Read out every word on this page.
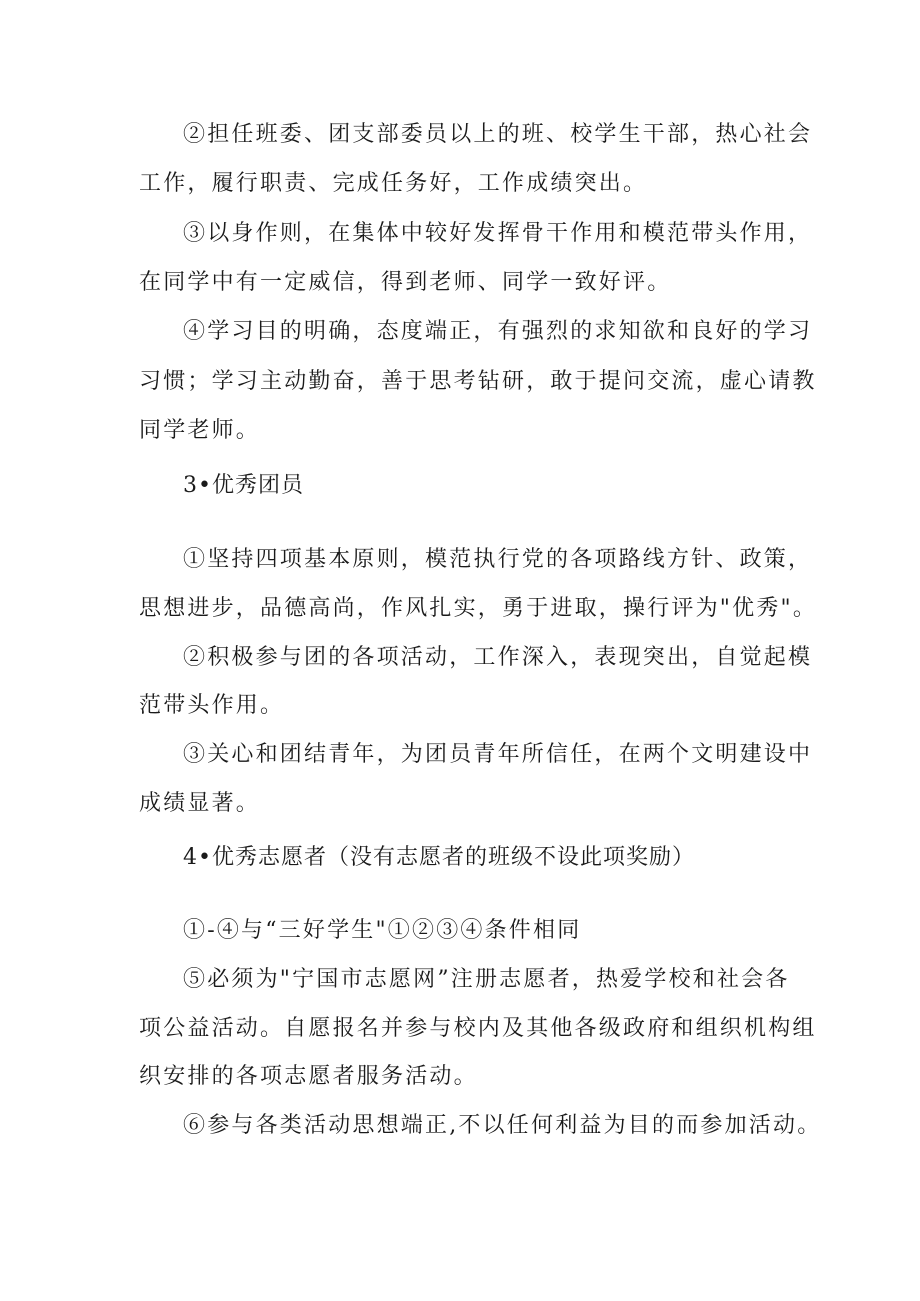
②担任班委、团支部委员以上的班、校学生干部，热心社会
工作，履行职责、完成任务好，工作成绩突出。
③以身作则，在集体中较好发挥骨干作用和模范带头作用，
在同学中有一定威信，得到老师、同学一致好评。
④学习目的明确，态度端正，有强烈的求知欲和良好的学习
习惯；学习主动勤奋，善于思考钻研，敢于提问交流，虚心请教
同学老师。
3•优秀团员
①坚持四项基本原则，模范执行党的各项路线方针、政策，
思想进步，品德高尚，作风扎实，勇于进取，操行评为"优秀"。
②积极参与团的各项活动，工作深入，表现突出，自觉起模
范带头作用。
③关心和团结青年，为团员青年所信任，在两个文明建设中
成绩显著。
4•优秀志愿者（没有志愿者的班级不设此项奖励）
①-④与“三好学生"①②③④条件相同
⑤必须为"宁国市志愿网”注册志愿者，热爱学校和社会各
项公益活动。自愿报名并参与校内及其他各级政府和组织机构组
织安排的各项志愿者服务活动。
⑥参与各类活动思想端正,不以任何利益为目的而参加活动。
